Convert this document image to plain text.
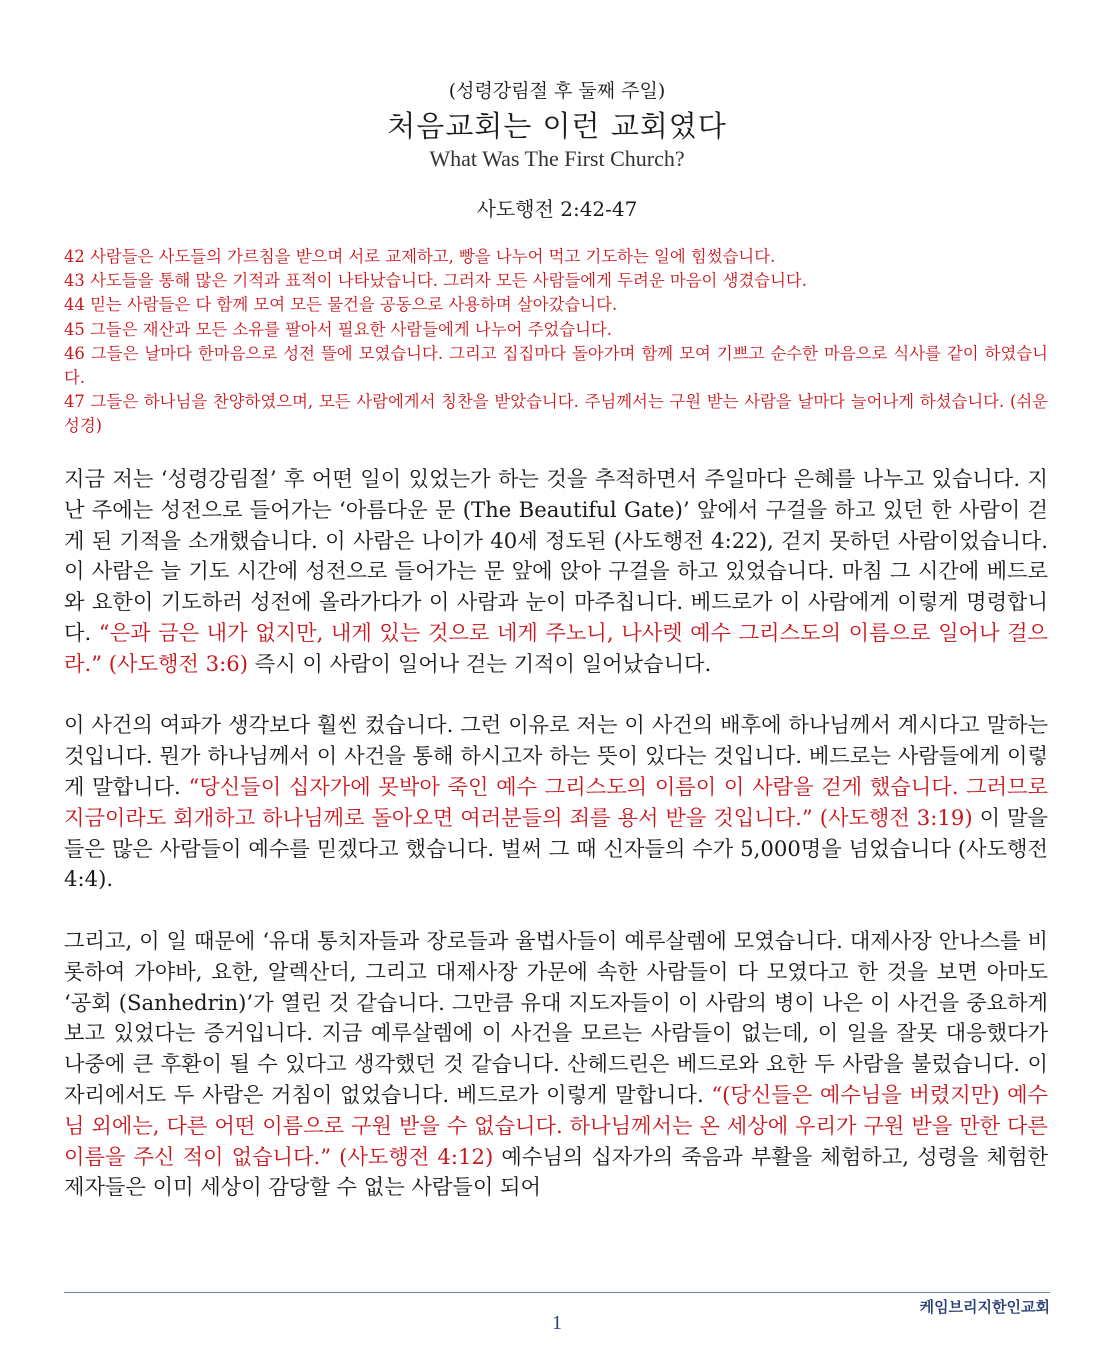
(성령강림절 후 둘째 주일)
처음교회는 이런 교회였다
What Was The First Church?
사도행전 2:42-47

42 사람들은 사도들의 가르침을 받으며 서로 교제하고, 빵을 나누어 먹고 기도하는 일에 힘썼습니다.

43 사도들을 통해 많은 기적과 표적이 나타났습니다. 그러자 모든 사람들에게 두려운 마음이 생겼습니다.

44 믿는 사람들은 다 함께 모여 모든 물건을 공동으로 사용하며 살아갔습니다.

45 그들은 재산과 모든 소유를 팔아서 필요한 사람들에게 나누어 주었습니다.

46 그들은 날마다 한마음으로 성전 뜰에 모였습니다. 그리고 집집마다 돌아가며 함께 모여 기쁘고 순수한 마음으로 식사를 같이 하였습니다.

47 그들은 하나님을 찬양하였으며, 모든 사람에게서 칭찬을 받았습니다. 주님께서는 구원 받는 사람을 날마다 늘어나게 하셨습니다. (쉬운성경)

지금 저는 ‘성령강림절’ 후 어떤 일이 있었는가 하는 것을 추적하면서 주일마다 은혜를 나누고 있습니다. 지난 주에는 성전으로 들어가는 ‘아름다운 문 (The Beautiful Gate)’ 앞에서 구걸을 하고 있던 한 사람이 걷게 된 기적을 소개했습니다. 이 사람은 나이가 40세 정도된 (사도행전 4:22), 걷지 못하던 사람이었습니다. 이 사람은 늘 기도 시간에 성전으로 들어가는 문 앞에 앉아 구걸을 하고 있었습니다. 마침 그 시간에 베드로와 요한이 기도하러 성전에 올라가다가 이 사람과 눈이 마주칩니다. 베드로가 이 사람에게 이렇게 명령합니다. “은과 금은 내가 없지만, 내게 있는 것으로 네게 주노니, 나사렛 예수 그리스도의 이름으로 일어나 걸으라.” (사도행전 3:6) 즉시 이 사람이 일어나 걷는 기적이 일어났습니다.

이 사건의 여파가 생각보다 훨씬 컸습니다. 그런 이유로 저는 이 사건의 배후에 하나님께서 계시다고 말하는 것입니다. 뭔가 하나님께서 이 사건을 통해 하시고자 하는 뜻이 있다는 것입니다. 베드로는 사람들에게 이렇게 말합니다. “당신들이 십자가에 못박아 죽인 예수 그리스도의 이름이 이 사람을 걷게 했습니다. 그러므로 지금이라도 회개하고 하나님께로 돌아오면 여러분들의 죄를 용서 받을 것입니다.” (사도행전 3:19) 이 말을 들은 많은 사람들이 예수를 믿겠다고 했습니다. 벌써 그 때 신자들의 수가 5,000명을 넘었습니다 (사도행전 4:4).

그리고, 이 일 때문에 ‘유대 통치자들과 장로들과 율법사들이 예루살렘에 모였습니다. 대제사장 안나스를 비롯하여 가야바, 요한, 알렉산더, 그리고 대제사장 가문에 속한 사람들이 다 모였다고 한 것을 보면 아마도 ‘공회 (Sanhedrin)’가 열린 것 같습니다. 그만큼 유대 지도자들이 이 사람의 병이 나은 이 사건을 중요하게 보고 있었다는 증거입니다. 지금 예루살렘에 이 사건을 모르는 사람들이 없는데, 이 일을 잘못 대응했다가 나중에 큰 후환이 될 수 있다고 생각했던 것 같습니다. 산헤드린은 베드로와 요한 두 사람을 불렀습니다. 이 자리에서도 두 사람은 거침이 없었습니다. 베드로가 이렇게 말합니다. “(당신들은 예수님을 버렸지만) 예수님 외에는, 다른 어떤 이름으로 구원 받을 수 없습니다. 하나님께서는 온 세상에 우리가 구원 받을 만한 다른 이름을 주신 적이 없습니다.” (사도행전 4:12) 예수님의 십자가의 죽음과 부활을 체험하고, 성령을 체험한 제자들은 이미 세상이 감당할 수 없는 사람들이 되어

케임브리지한인교회
1
